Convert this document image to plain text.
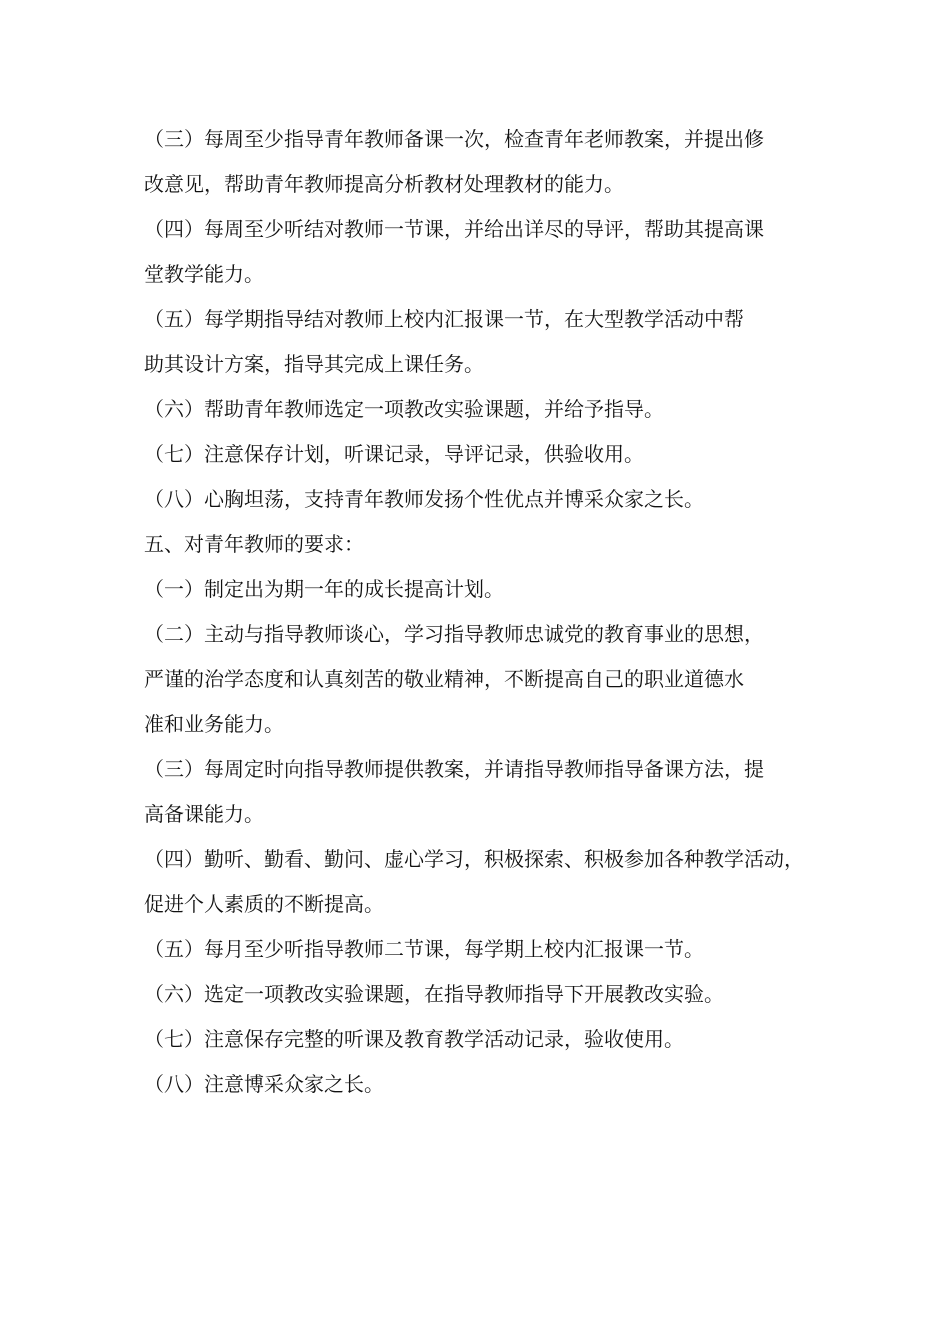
（三）每周至少指导青年教师备课一次，检查青年老师教案，并提出修

改意见，帮助青年教师提高分析教材处理教材的能力。

（四）每周至少听结对教师一节课，并给出详尽的导评，帮助其提高课

堂教学能力。

（五）每学期指导结对教师上校内汇报课一节，在大型教学活动中帮

助其设计方案，指导其完成上课任务。

（六）帮助青年教师选定一项教改实验课题，并给予指导。

（七）注意保存计划，听课记录，导评记录，供验收用。

（八）心胸坦荡，支持青年教师发扬个性优点并博采众家之长。

五、对青年教师的要求：

（一）制定出为期一年的成长提高计划。

（二）主动与指导教师谈心，学习指导教师忠诚党的教育事业的思想，

严谨的治学态度和认真刻苦的敬业精神，不断提高自己的职业道德水

准和业务能力。

（三）每周定时向指导教师提供教案，并请指导教师指导备课方法，提

高备课能力。

（四）勤听、勤看、勤问、虚心学习，积极探索、积极参加各种教学活动，

促进个人素质的不断提高。

（五）每月至少听指导教师二节课，每学期上校内汇报课一节。

（六）选定一项教改实验课题，在指导教师指导下开展教改实验。

（七）注意保存完整的听课及教育教学活动记录，验收使用。

（八）注意博采众家之长。
